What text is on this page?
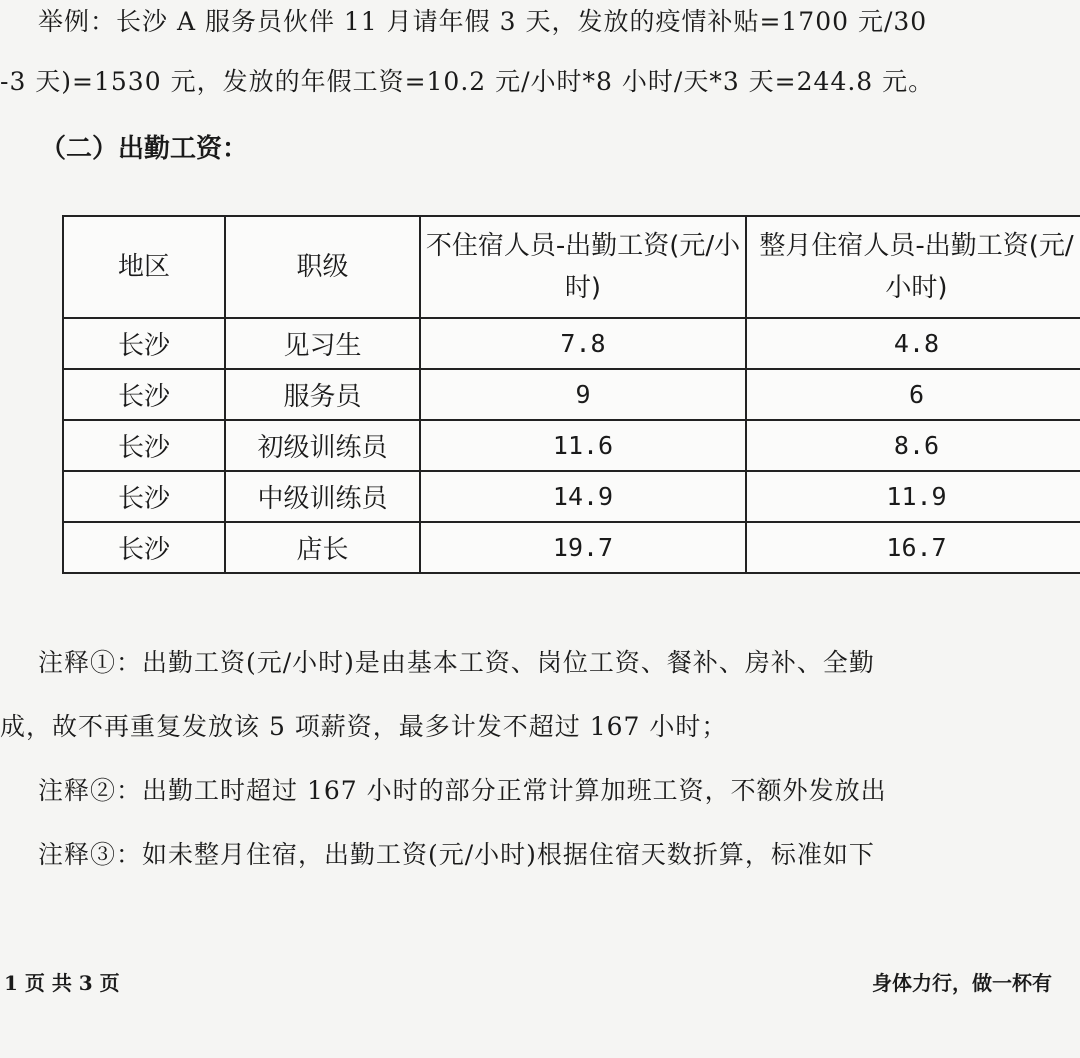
举例：长沙 A 服务员伙伴 11 月请年假 3 天，发放的疫情补贴=1700 元/30
-3 天)=1530 元，发放的年假工资=10.2 元/小时*8 小时/天*3 天=244.8 元。
（二）出勤工资：
地区	职级	不住宿人员-出勤工资(元/小时)	整月住宿人员-出勤工资(元/小时)
长沙	见习生	7.8	4.8
长沙	服务员	9	6
长沙	初级训练员	11.6	8.6
长沙	中级训练员	14.9	11.9
长沙	店长	19.7	16.7
注释①：出勤工资(元/小时)是由基本工资、岗位工资、餐补、房补、全勤
成，故不再重复发放该 5 项薪资，最多计发不超过 167 小时；
注释②：出勤工时超过 167 小时的部分正常计算加班工资，不额外发放出
注释③：如未整月住宿，出勤工资(元/小时)根据住宿天数折算，标准如下
1 页 共 3 页	身体力行，做一杯有
